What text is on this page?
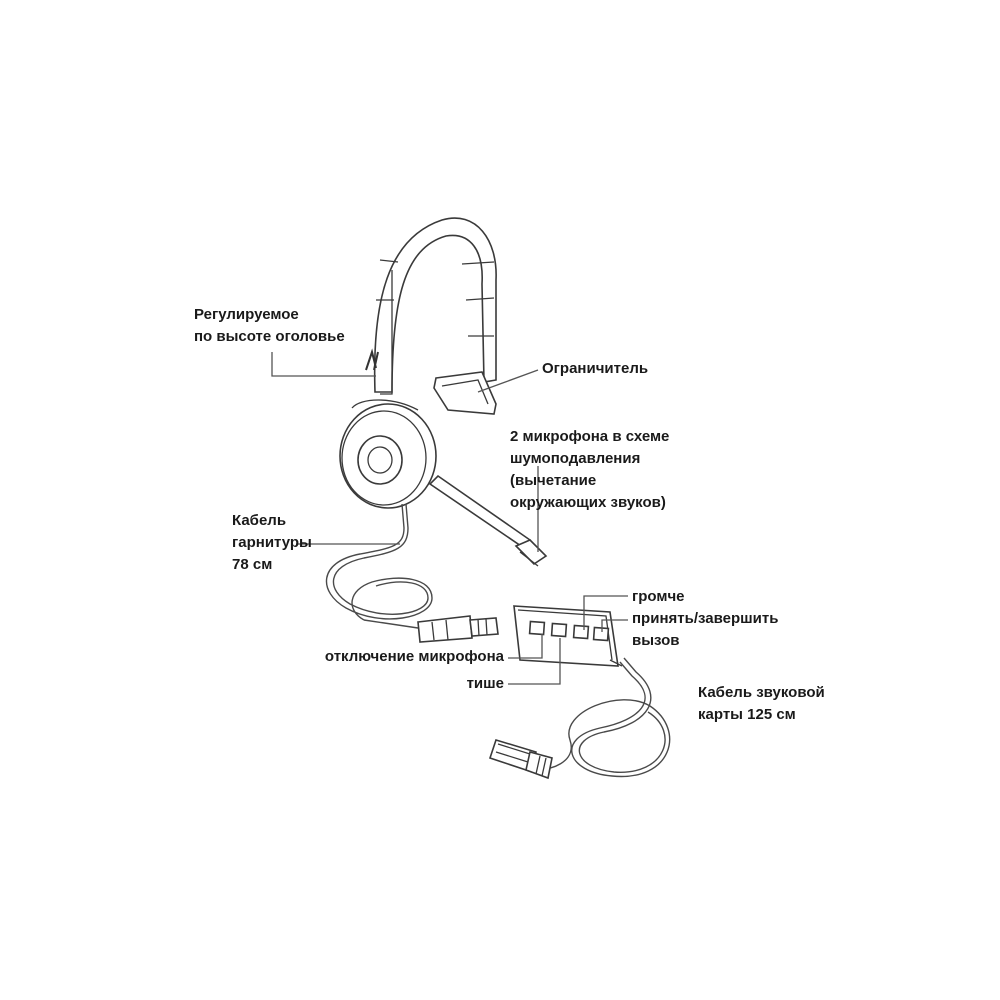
Регулируемое
по высоте оголовье
Ограничитель
2 микрофона в схеме
шумоподавления
(вычетание
окружающих звуков)
Кабель
гарнитуры
78 см
громче
принять/завершить
вызов
отключение микрофона
тише
Кабель звуковой
карты 125 см
